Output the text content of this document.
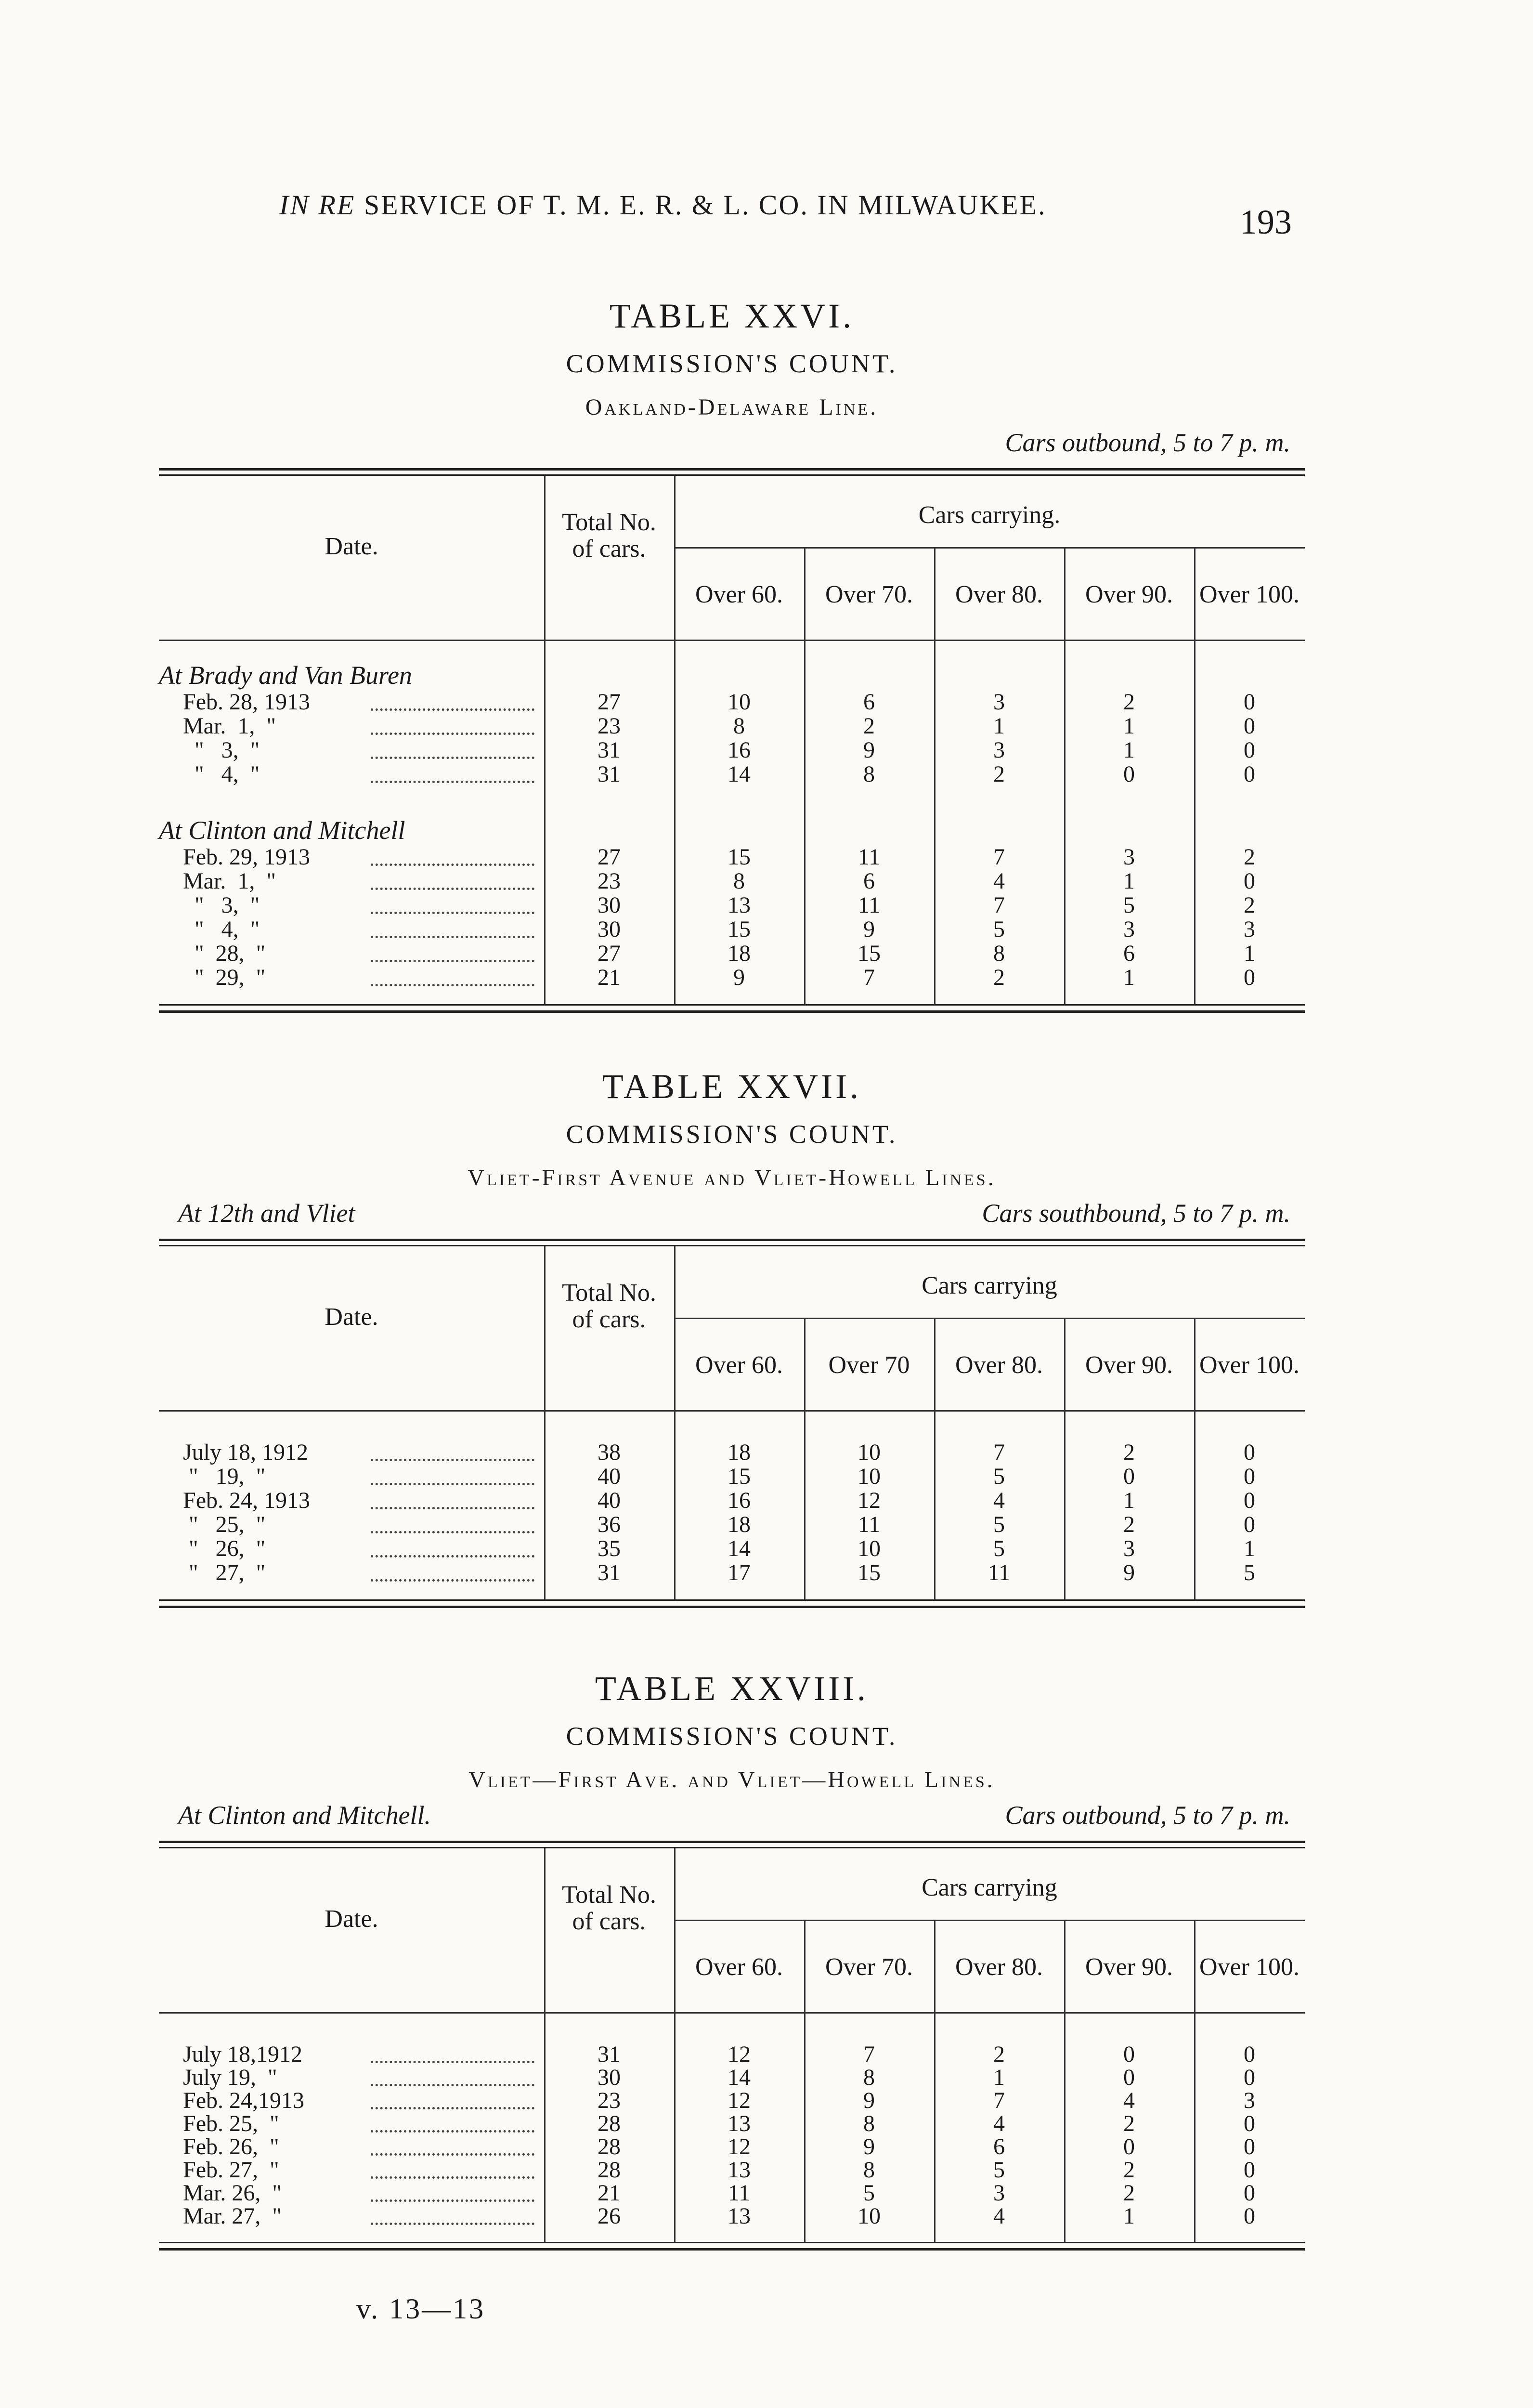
IN RE SERVICE OF T. M. E. R. & L. CO. IN MILWAUKEE.	193
TABLE XXVI.
COMMISSION'S COUNT.
Oakland-Delaware Line.
Cars outbound, 5 to 7 p. m.
Date.
Total No. of cars.
Cars carrying.
Over 60.	Over 70.	Over 80.	Over 90.	Over 100.
At Brady and Van Buren
Feb. 28, 1913	27	10	6	3	2	0
Mar.  1,  "	23	8	2	1	1	0
"   3,  "	31	16	9	3	1	0
"   4,  "	31	14	8	2	0	0
At Clinton and Mitchell
Feb. 29, 1913	27	15	11	7	3	2
Mar.  1,  "	23	8	6	4	1	0
"   3,  "	30	13	11	7	5	2
"   4,  "	30	15	9	5	3	3
"  28,  "	27	18	15	8	6	1
"  29,  "	21	9	7	2	1	0
TABLE XXVII.
COMMISSION'S COUNT.
Vliet-First Avenue and Vliet-Howell Lines.
At 12th and Vliet	Cars southbound, 5 to 7 p. m.
Date.
Total No. of cars.
Cars carrying
Over 60.	Over 70	Over 80.	Over 90.	Over 100.
July 18, 1912	38	18	10	7	2	0
"   19,  "	40	15	10	5	0	0
Feb. 24, 1913	40	16	12	4	1	0
"   25,  "	36	18	11	5	2	0
"   26,  "	35	14	10	5	3	1
"   27,  "	31	17	15	11	9	5
TABLE XXVIII.
COMMISSION'S COUNT.
Vliet—First Ave. and Vliet—Howell Lines.
At Clinton and Mitchell.	Cars outbound, 5 to 7 p. m.
Date.
Total No. of cars.
Cars carrying
Over 60.	Over 70.	Over 80.	Over 90.	Over 100.
July 18,1912	31	12	7	2	0	0
July 19,  "	30	14	8	1	0	0
Feb. 24,1913	23	12	9	7	4	3
Feb. 25,  "	28	13	8	4	2	0
Feb. 26,  "	28	12	9	6	0	0
Feb. 27,  "	28	13	8	5	2	0
Mar. 26,  "	21	11	5	3	2	0
Mar. 27,  "	26	13	10	4	1	0
v. 13—13
